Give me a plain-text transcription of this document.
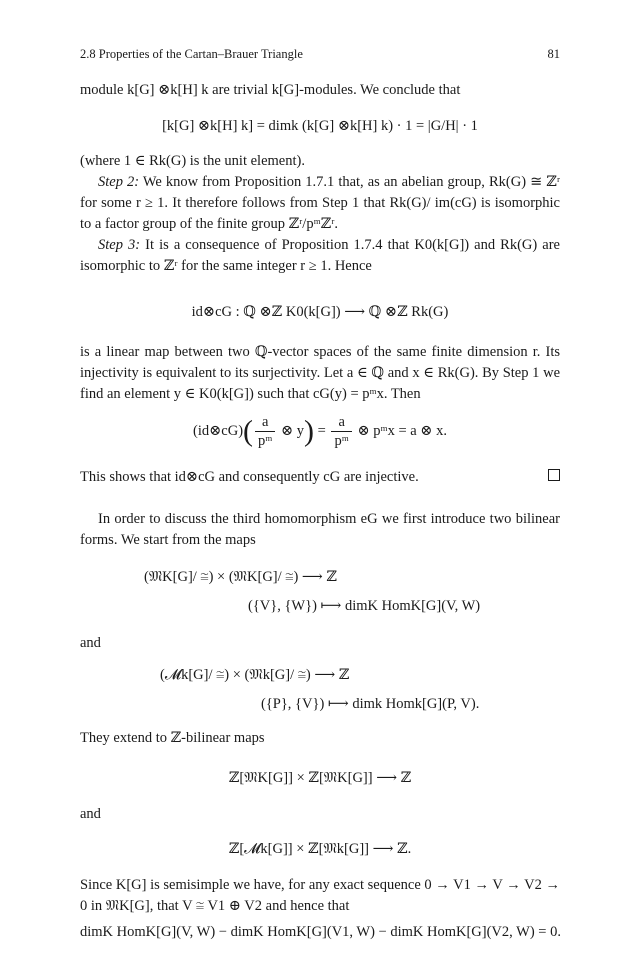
2.8 Properties of the Cartan–Brauer Triangle	81

module k[G] ⊗k[H] k are trivial k[G]-modules. We conclude that

[k[G] ⊗k[H] k] = dimk (k[G] ⊗k[H] k) · 1 = |G/H| · 1

(where 1 ∈ Rk(G) is the unit element).

Step 2: We know from Proposition 1.7.1 that, as an abelian group, Rk(G) ≅ ℤʳ for some r ≥ 1. It therefore follows from Step 1 that Rk(G)/ im(cG) is isomorphic to a factor group of the finite group ℤʳ/pᵐℤʳ.

Step 3: It is a consequence of Proposition 1.7.4 that K0(k[G]) and Rk(G) are isomorphic to ℤʳ for the same integer r ≥ 1. Hence

id⊗cG : ℚ ⊗ℤ K0(k[G]) ⟶ ℚ ⊗ℤ Rk(G)

is a linear map between two ℚ-vector spaces of the same finite dimension r. Its injectivity is equivalent to its surjectivity. Let a ∈ ℚ and x ∈ Rk(G). By Step 1 we find an element y ∈ K0(k[G]) such that cG(y) = pᵐx. Then

(id⊗cG)( $\frac{a}{\text{pᵐ}}$ ⊗ $y) = \frac{a}{\text{pᵐ}}$ ⊗ pᵐx = a ⊗ x.

This shows that id⊗cG and consequently cG are injective.

In order to discuss the third homomorphism eG we first introduce two bilinear forms. We start from the maps

(𝔐K[G]/ ≅) × (𝔐K[G]/ ≅) ⟶ ℤ
({V}, {W}) ⟼ dimK HomK[G](V, W)
and
(𝓜k[G]/ ≅) × (𝔐k[G]/ ≅) ⟶ ℤ
({P}, {V}) ⟼ dimk Homk[G](P, V).
They extend to ℤ-bilinear maps
ℤ[𝔐K[G]] × ℤ[𝔐K[G]] ⟶ ℤ
and
ℤ[𝓜k[G]] × ℤ[𝔐k[G]] ⟶ ℤ.

Since K[G] is semisimple we have, for any exact sequence 0 → V1 → V → V2 → 0 in 𝔐K[G], that V ≅ V1 ⊕ V2 and hence that

dimK HomK[G](V, W) − dimK HomK[G](V1, W) − dimK HomK[G](V2, W) = 0.
